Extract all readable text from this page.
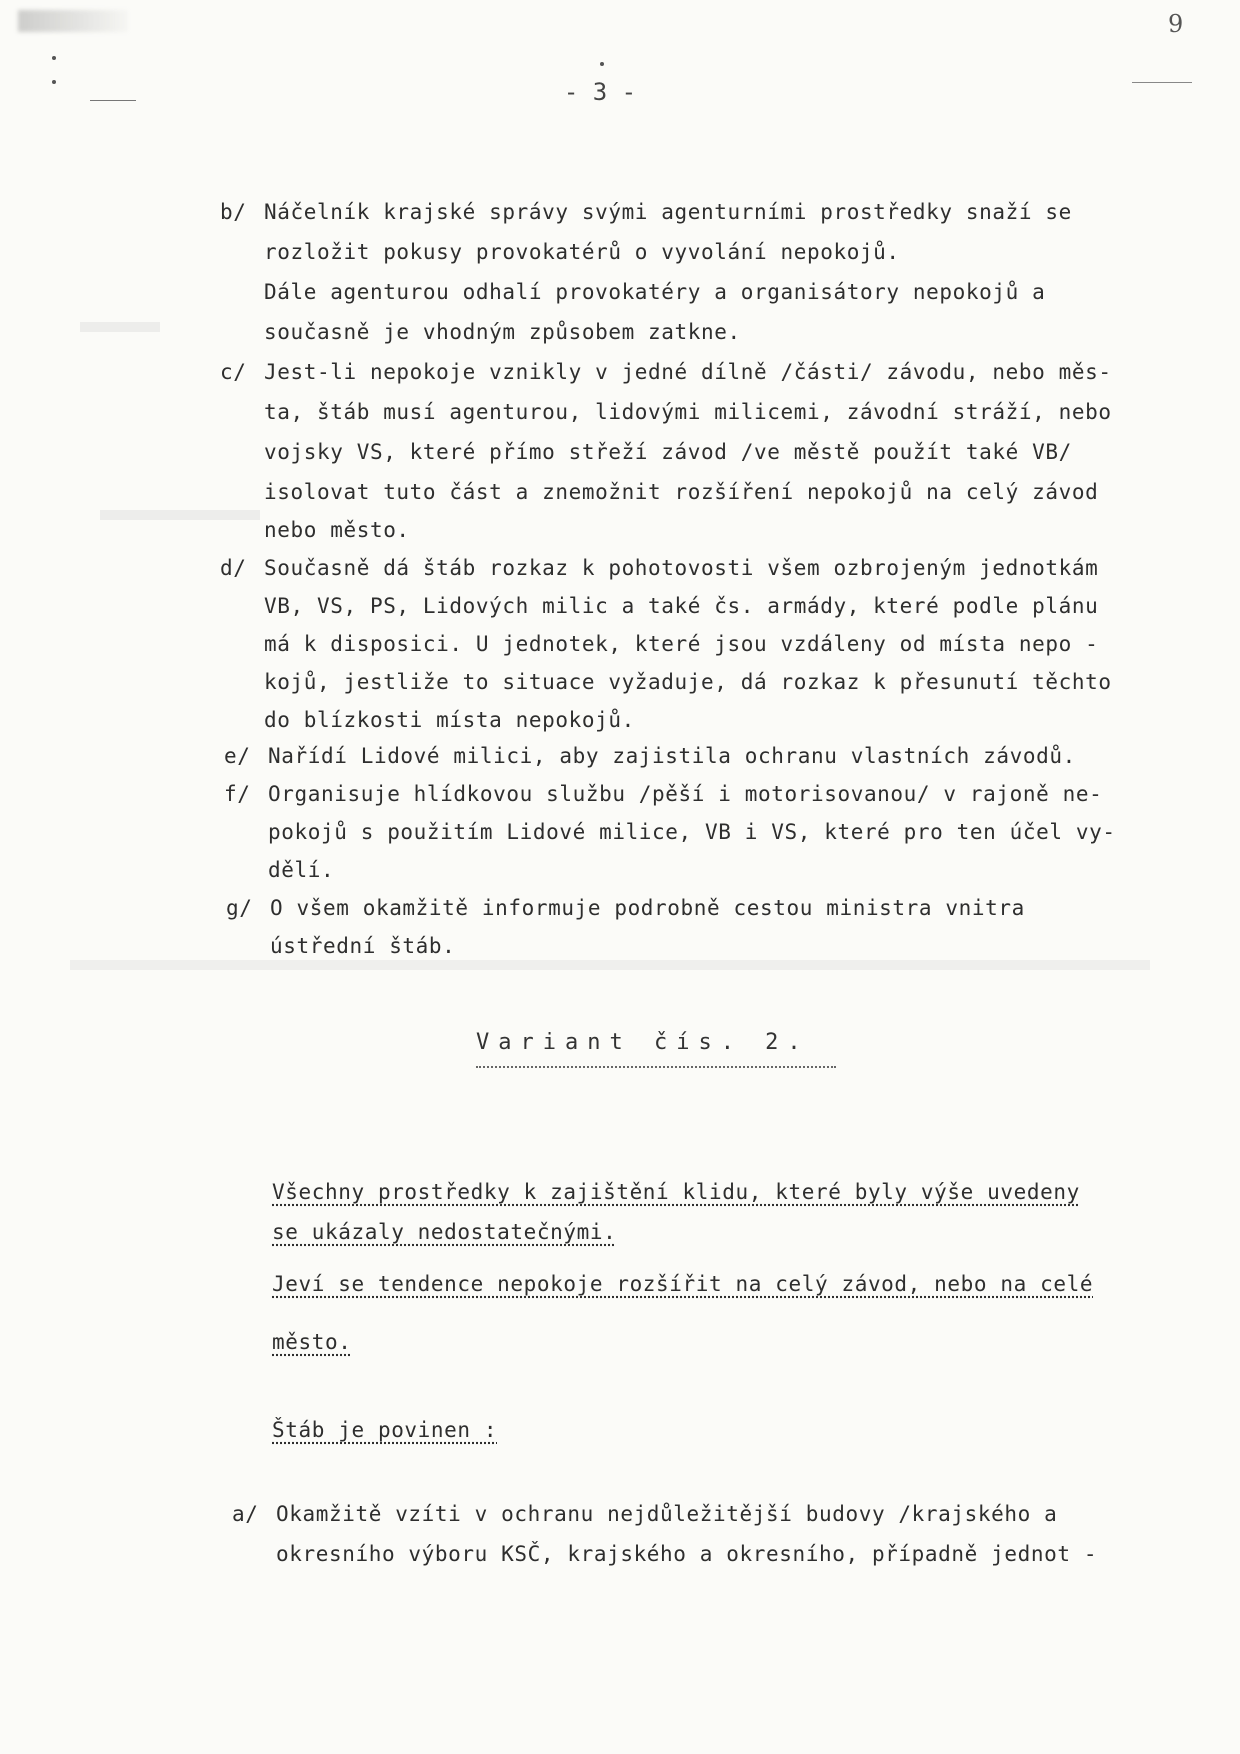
9
- 3 -
b/ Náčelník krajské správy svými agenturními prostředky snaží se
rozložit pokusy provokatérů o vyvolání nepokojů.
Dále agenturou odhalí provokatéry a organisátory nepokojů a
současně je vhodným způsobem zatkne.
c/ Jest-li nepokoje vznikly v jedné dílně /části/ závodu, nebo měs-
ta, štáb musí agenturou, lidovými milicemi, závodní stráží, nebo
vojsky VS, které přímo střeží závod /ve městě použít také VB/
isolovat tuto část a znemožnit rozšíření nepokojů na celý závod
nebo město.
d/ Současně dá štáb rozkaz k pohotovosti všem ozbrojeným jednotkám
VB, VS, PS, Lidových milic a také čs. armády, které podle plánu
má k disposici. U jednotek, které jsou vzdáleny od místa nepo -
kojů, jestliže to situace vyžaduje, dá rozkaz k přesunutí těchto
do blízkosti místa nepokojů.
e/ Nařídí Lidové milici, aby zajistila ochranu vlastních závodů.
f/ Organisuje hlídkovou službu /pěší i motorisovanou/ v rajoně ne-
pokojů s použitím Lidové milice, VB i VS, které pro ten účel vy-
dělí.
g/ O všem okamžitě informuje podrobně cestou ministra vnitra
ústřední štáb.
Variant čís. 2.
Všechny prostředky k zajištění klidu, které byly výše uvedeny
se ukázaly nedostatečnými.
Jeví se tendence nepokoje rozšířit na celý závod, nebo na celé
město.
Štáb je povinen :
a/ Okamžitě vzíti v ochranu nejdůležitější budovy /krajského a
okresního výboru KSČ, krajského a okresního, případně jednot -
